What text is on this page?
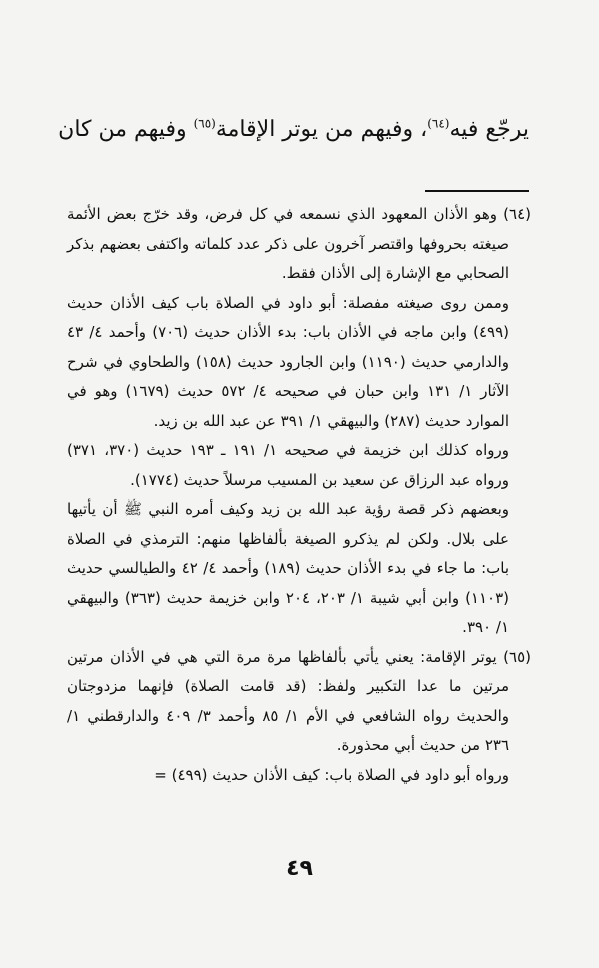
يرجّع فيه$^{(٦٤)}$، وفيهم من يوتر الإقامة$^{(٦٥)}$ وفيهم من كان

(٦٤) وهو الأذان المعهود الذي نسمعه في كل فرض، وقد خرّج بعض الأئمة صيغته بحروفها واقتصر آخرون على ذكر عدد كلماته واكتفى بعضهم بذكر الصحابي مع الإشارة إلى الأذان فقط.

وممن روى صيغته مفصلة: أبو داود في الصلاة باب كيف الأذان حديث (٤٩٩) وابن ماجه في الأذان باب: بدء الأذان حديث (٧٠٦) وأحمد ٤/ ٤٣ والدارمي حديث (١١٩٠) وابن الجارود حديث (١٥٨) والطحاوي في شرح الآثار ١/ ١٣١ وابن حبان في صحيحه ٤/ ٥٧٢ حديث (١٦٧٩) وهو في الموارد حديث (٢٨٧) والبيهقي ١/ ٣٩١ عن عبد الله بن زيد.

ورواه كذلك ابن خزيمة في صحيحه ١/ ١٩١ ـ ١٩٣ حديث (٣٧٠، ٣٧١) ورواه عبد الرزاق عن سعيد بن المسيب مرسلاً حديث (١٧٧٤).

وبعضهم ذكر قصة رؤية عبد الله بن زيد وكيف أمره النبي ﷺ أن يأتيها على بلال. ولكن لم يذكرو الصيغة بألفاظها منهم: الترمذي في الصلاة باب: ما جاء في بدء الأذان حديث (١٨٩) وأحمد ٤/ ٤٢ والطيالسي حديث (١١٠٣) وابن أبي شيبة ١/ ٢٠٣، ٢٠٤ وابن خزيمة حديث (٣٦٣) والبيهقي ١/ ٣٩٠.

(٦٥) يوتر الإقامة: يعني يأتي بألفاظها مرة مرة التي هي في الأذان مرتين مرتين ما عدا التكبير ولفظ: (قد قامت الصلاة) فإنهما مزدوجتان والحديث رواه الشافعي في الأم ١/ ٨٥ وأحمد ٣/ ٤٠٩ والدارقطني ١/ ٢٣٦ من حديث أبي محذورة.

ورواه أبو داود في الصلاة باب: كيف الأذان حديث (٤٩٩) =

٤٩
